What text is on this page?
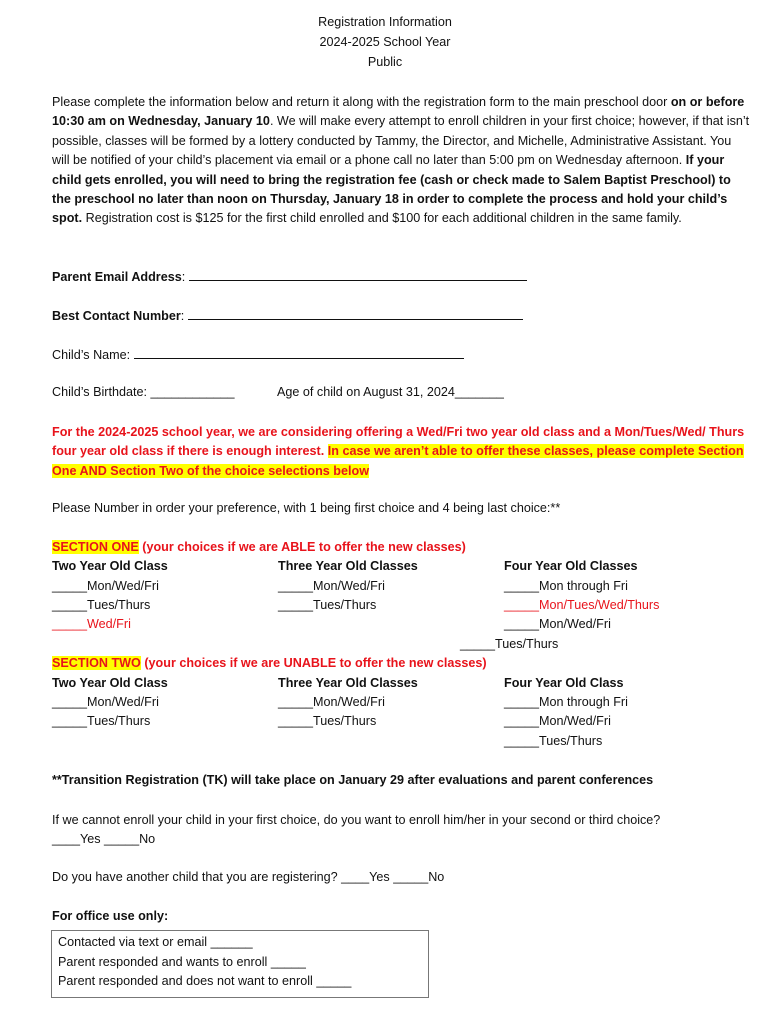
Registration Information
2024-2025 School Year
Public
Please complete the information below and return it along with the registration form to the main preschool door on or before 10:30 am on Wednesday, January 10. We will make every attempt to enroll children in your first choice; however, if that isn’t possible, classes will be formed by a lottery conducted by Tammy, the Director, and Michelle, Administrative Assistant. You will be notified of your child’s placement via email or a phone call no later than 5:00 pm on Wednesday afternoon. If your child gets enrolled, you will need to bring the registration fee (cash or check made to Salem Baptist Preschool) to the preschool no later than noon on Thursday, January 18 in order to complete the process and hold your child’s spot. Registration cost is $125 for the first child enrolled and $100 for each additional children in the same family.
Parent Email Address:
Best Contact Number:
Child’s Name:
Child’s Birthdate: ____________	Age of child on August 31, 2024_______
For the 2024-2025 school year, we are considering offering a Wed/Fri two year old class and a Mon/Tues/Wed/ Thurs four year old class if there is enough interest. In case we aren’t able to offer these classes, please complete Section One AND Section Two of the choice selections below
Please Number in order your preference, with 1 being first choice and 4 being last choice:**
SECTION ONE (your choices if we are ABLE to offer the new classes)
Two Year Old Class
_____Mon/Wed/Fri
_____Tues/Thurs
_____Wed/Fri
Three Year Old Classes
_____Mon/Wed/Fri
_____Tues/Thurs
Four Year Old Classes
_____Mon through Fri
_____Mon/Tues/Wed/Thurs
_____Mon/Wed/Fri
_____Tues/Thurs
SECTION TWO (your choices if we are UNABLE to offer the new classes)
Two Year Old Class
_____Mon/Wed/Fri
_____Tues/Thurs
Three Year Old Classes
_____Mon/Wed/Fri
_____Tues/Thurs
Four Year Old Class
_____Mon through Fri
_____Mon/Wed/Fri
_____Tues/Thurs
**Transition Registration (TK) will take place on January 29 after evaluations and parent conferences
If we cannot enroll your child in your first choice, do you want to enroll him/her in your second or third choice?
____Yes _____No
Do you have another child that you are registering? ____Yes _____No
For office use only:
Contacted via text or email ______
Parent responded and wants to enroll _____
Parent responded and does not want to enroll _____
